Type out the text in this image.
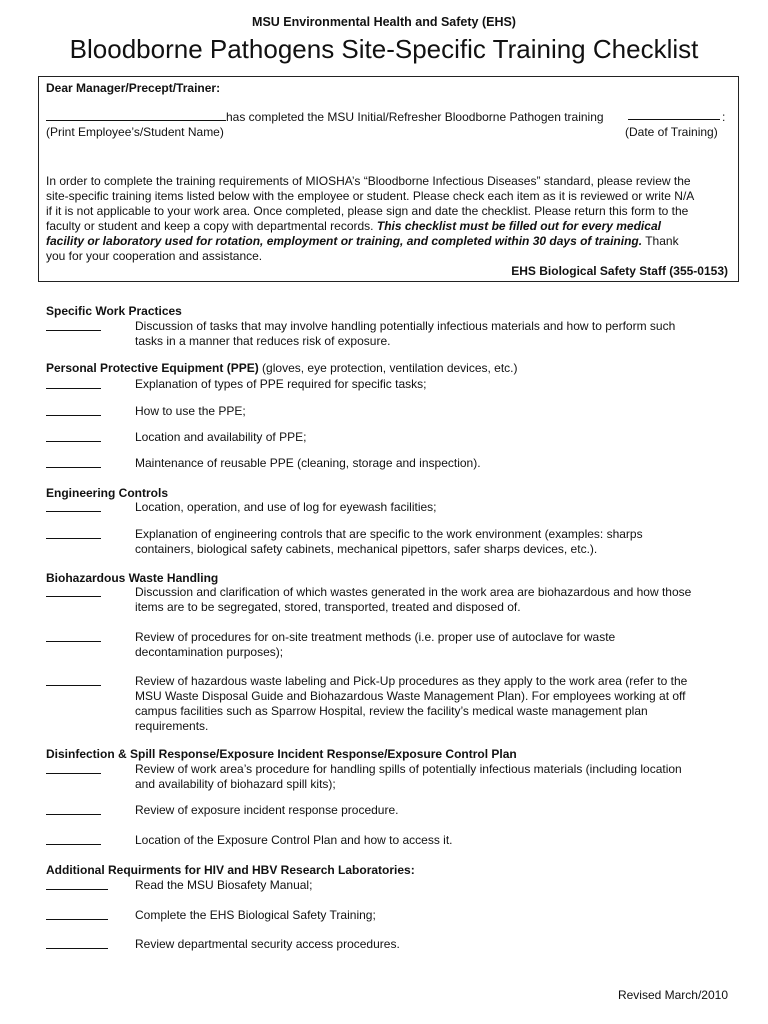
MSU Environmental Health and Safety (EHS)
Bloodborne Pathogens Site-Specific Training Checklist
Dear Manager/Precept/Trainer:
has completed the MSU Initial/Refresher Bloodborne Pathogen training	:
(Print Employee’s/Student Name)	(Date of Training)
In order to complete the training requirements of MIOSHA’s “Bloodborne Infectious Diseases” standard, please review the
site-specific training items listed below with the employee or student. Please check each item as it is reviewed or write N/A
if it is not applicable to your work area. Once completed, please sign and date the checklist. Please return this form to the
faculty or student and keep a copy with departmental records. This checklist must be filled out for every medical
facility or laboratory used for rotation, employment or training, and completed within 30 days of training. Thank
you for your cooperation and assistance.
EHS Biological Safety Staff (355-0153)
Specific Work Practices
Discussion of tasks that may involve handling potentially infectious materials and how to perform such
tasks in a manner that reduces risk of exposure.
Personal Protective Equipment (PPE) (gloves, eye protection, ventilation devices, etc.)
Explanation of types of PPE required for specific tasks;
How to use the PPE;
Location and availability of PPE;
Maintenance of reusable PPE (cleaning, storage and inspection).
Engineering Controls
Location, operation, and use of log for eyewash facilities;
Explanation of engineering controls that are specific to the work environment (examples: sharps
containers, biological safety cabinets, mechanical pipettors, safer sharps devices, etc.).
Biohazardous Waste Handling
Discussion and clarification of which wastes generated in the work area are biohazardous and how those
items are to be segregated, stored, transported, treated and disposed of.
Review of procedures for on-site treatment methods (i.e. proper use of autoclave for waste
decontamination purposes);
Review of hazardous waste labeling and Pick-Up procedures as they apply to the work area (refer to the
MSU Waste Disposal Guide and Biohazardous Waste Management Plan). For employees working at off
campus facilities such as Sparrow Hospital, review the facility’s medical waste management plan
requirements.
Disinfection & Spill Response/Exposure Incident Response/Exposure Control Plan
Review of work area’s procedure for handling spills of potentially infectious materials (including location
and availability of biohazard spill kits);
Review of exposure incident response procedure.
Location of the Exposure Control Plan and how to access it.
Additional Requirments for HIV and HBV Research Laboratories:
Read the MSU Biosafety Manual;
Complete the EHS Biological Safety Training;
Review departmental security access procedures.
Revised March/2010
